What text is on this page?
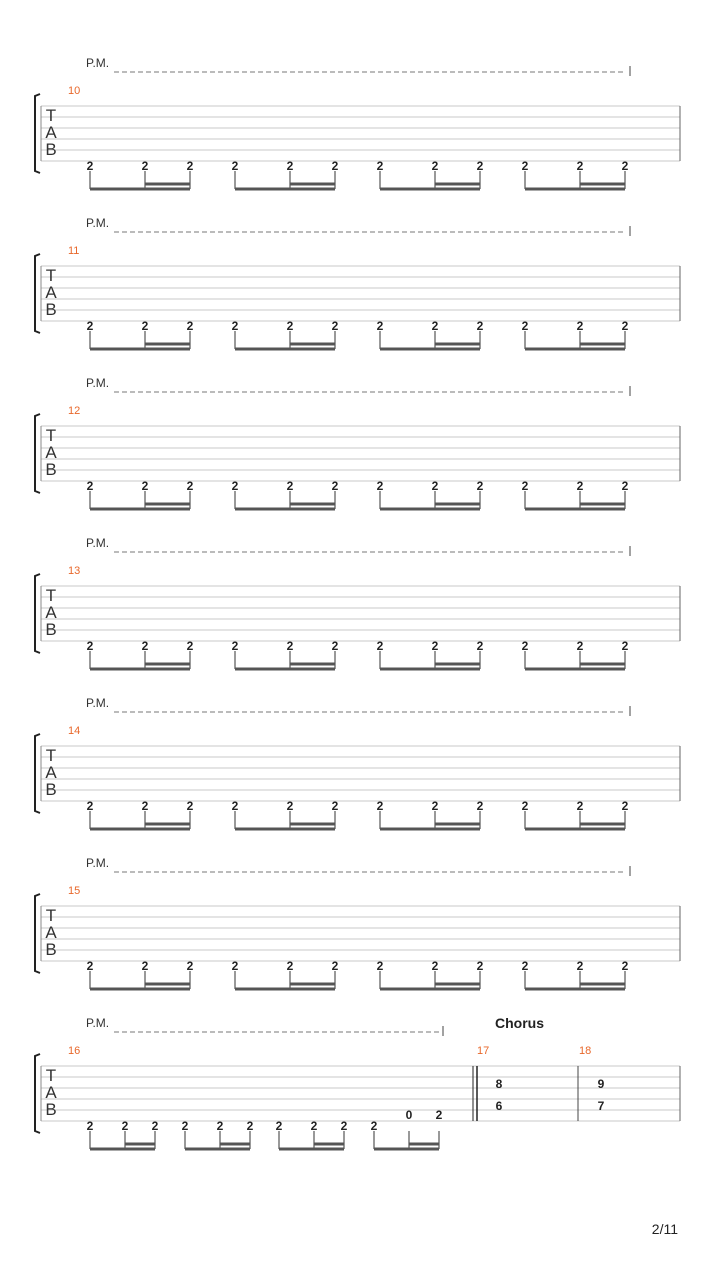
T
A
B
P.M.
10
2	2	2	2	2	2	2	2	2	2	2	2
T
A
B
P.M.
11
2	2	2	2	2	2	2	2	2	2	2	2
T
A
B
P.M.
12
2	2	2	2	2	2	2	2	2	2	2	2
T
A
B
P.M.
13
2	2	2	2	2	2	2	2	2	2	2	2
T
A
B
P.M.
14
2	2	2	2	2	2	2	2	2	2	2	2
T
A
B
P.M.
15
2	2	2	2	2	2	2	2	2	2	2	2
T
A
B
P.M.	Chorus
16
2 2 2 2 2 2 2 2 2 2
0 2
17
8
6
18
9
7
2/11
